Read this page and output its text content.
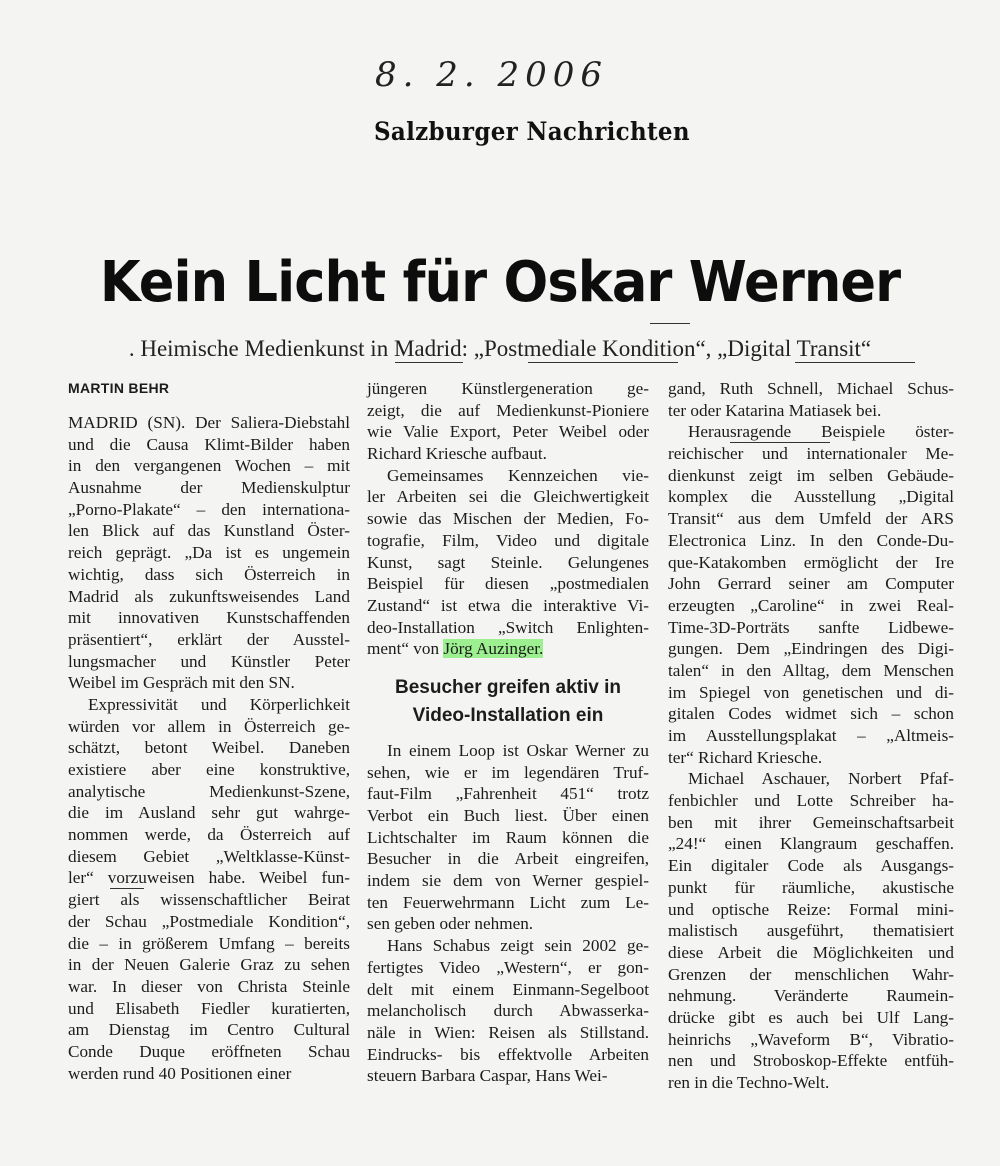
8. 2. 2006
Salzburger Nachrichten
Kein Licht für Oskar Werner
. Heimische Medienkunst in Madrid: „Postmediale Kondition“, „Digital Transit“
MARTIN BEHR
MADRID (SN). Der Saliera-Diebstahl
und die Causa Klimt-Bilder haben
in den vergangenen Wochen – mit
Ausnahme der Medienskulptur
„Porno-Plakate“ – den internationa-
len Blick auf das Kunstland Öster-
reich geprägt. „Da ist es ungemein
wichtig, dass sich Österreich in
Madrid als zukunftsweisendes Land
mit innovativen Kunstschaffenden
präsentiert“, erklärt der Ausstel-
lungsmacher und Künstler Peter
Weibel im Gespräch mit den SN.
Expressivität und Körperlichkeit
würden vor allem in Österreich ge-
schätzt, betont Weibel. Daneben
existiere aber eine konstruktive,
analytische Medienkunst-Szene,
die im Ausland sehr gut wahrge-
nommen werde, da Österreich auf
diesem Gebiet „Weltklasse-Künst-
ler“ vorzuweisen habe. Weibel fun-
giert als wissenschaftlicher Beirat
der Schau „Postmediale Kondition“,
die – in größerem Umfang – bereits
in der Neuen Galerie Graz zu sehen
war. In dieser von Christa Steinle
und Elisabeth Fiedler kuratierten,
am Dienstag im Centro Cultural
Conde Duque eröffneten Schau
werden rund 40 Positionen einer
jüngeren Künstlergeneration ge-
zeigt, die auf Medienkunst-Pioniere
wie Valie Export, Peter Weibel oder
Richard Kriesche aufbaut.
Gemeinsames Kennzeichen vie-
ler Arbeiten sei die Gleichwertigkeit
sowie das Mischen der Medien, Fo-
tografie, Film, Video und digitale
Kunst, sagt Steinle. Gelungenes
Beispiel für diesen „postmedialen
Zustand“ ist etwa die interaktive Vi-
deo-Installation „Switch Enlighten-
ment“ von Jörg Auzinger.
Besucher greifen aktiv in
Video-Installation ein
In einem Loop ist Oskar Werner zu
sehen, wie er im legendären Truf-
faut-Film „Fahrenheit 451“ trotz
Verbot ein Buch liest. Über einen
Lichtschalter im Raum können die
Besucher in die Arbeit eingreifen,
indem sie dem von Werner gespiel-
ten Feuerwehrmann Licht zum Le-
sen geben oder nehmen.
Hans Schabus zeigt sein 2002 ge-
fertigtes Video „Western“, er gon-
delt mit einem Einmann-Segelboot
melancholisch durch Abwasserka-
näle in Wien: Reisen als Stillstand.
Eindrucks- bis effektvolle Arbeiten
steuern Barbara Caspar, Hans Wei-
gand, Ruth Schnell, Michael Schus-
ter oder Katarina Matiasek bei.
Herausragende Beispiele öster-
reichischer und internationaler Me-
dienkunst zeigt im selben Gebäude-
komplex die Ausstellung „Digital
Transit“ aus dem Umfeld der ARS
Electronica Linz. In den Conde-Du-
que-Katakomben ermöglicht der Ire
John Gerrard seiner am Computer
erzeugten „Caroline“ in zwei Real-
Time-3D-Porträts sanfte Lidbewe-
gungen. Dem „Eindringen des Digi-
talen“ in den Alltag, dem Menschen
im Spiegel von genetischen und di-
gitalen Codes widmet sich – schon
im Ausstellungsplakat – „Altmeis-
ter“ Richard Kriesche.
Michael Aschauer, Norbert Pfaf-
fenbichler und Lotte Schreiber ha-
ben mit ihrer Gemeinschaftsarbeit
„24!“ einen Klangraum geschaffen.
Ein digitaler Code als Ausgangs-
punkt für räumliche, akustische
und optische Reize: Formal mini-
malistisch ausgeführt, thematisiert
diese Arbeit die Möglichkeiten und
Grenzen der menschlichen Wahr-
nehmung. Veränderte Raumein-
drücke gibt es auch bei Ulf Lang-
heinrichs „Waveform B“, Vibratio-
nen und Stroboskop-Effekte entfüh-
ren in die Techno-Welt.
